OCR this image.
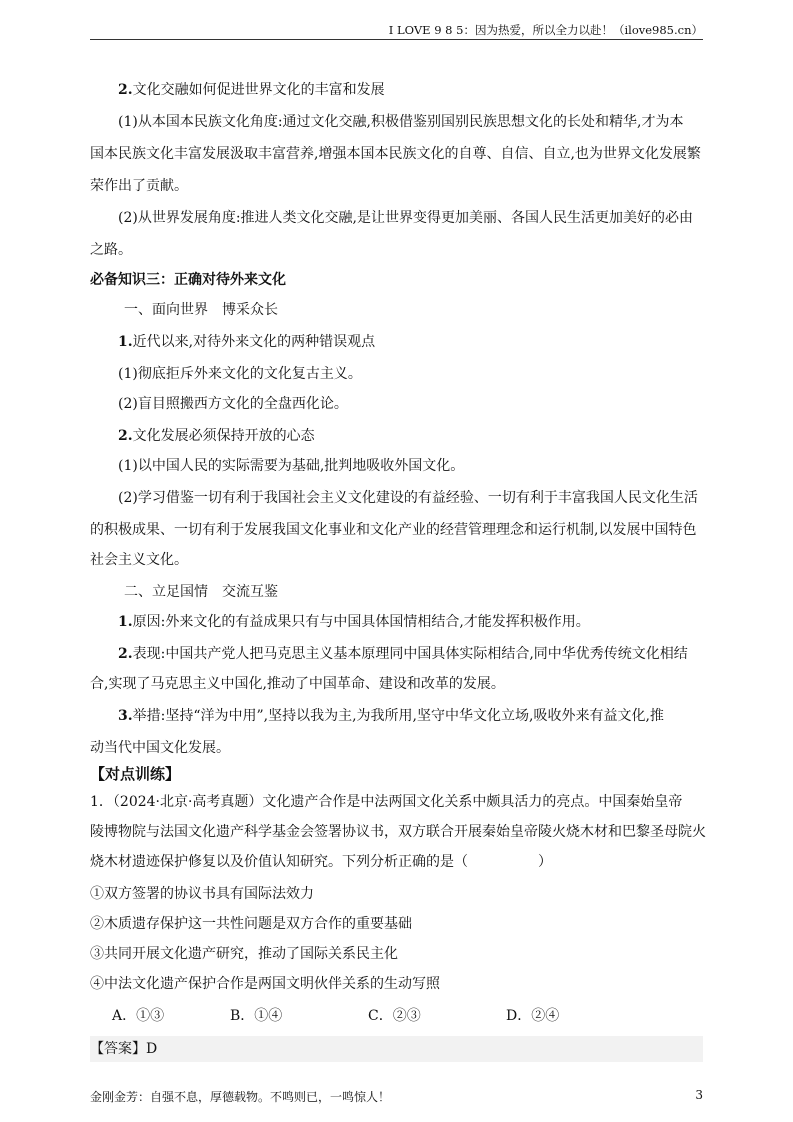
I LOVE 9 8 5：因为热爱，所以全力以赴！（ilove985.cn）
2.文化交融如何促进世界文化的丰富和发展
(1)从本国本民族文化角度:通过文化交融,积极借鉴别国别民族思想文化的长处和精华,才为本
国本民族文化丰富发展汲取丰富营养,增强本国本民族文化的自尊、自信、自立,也为世界文化发展繁
荣作出了贡献。
(2)从世界发展角度:推进人类文化交融,是让世界变得更加美丽、各国人民生活更加美好的必由
之路。
必备知识三：正确对待外来文化
一、面向世界　博采众长
1.近代以来,对待外来文化的两种错误观点
(1)彻底拒斥外来文化的文化复古主义。
(2)盲目照搬西方文化的全盘西化论。
2.文化发展必须保持开放的心态
(1)以中国人民的实际需要为基础,批判地吸收外国文化。
(2)学习借鉴一切有利于我国社会主义文化建设的有益经验、一切有利于丰富我国人民文化生活
的积极成果、一切有利于发展我国文化事业和文化产业的经营管理理念和运行机制,以发展中国特色
社会主义文化。
二、立足国情　交流互鉴
1.原因:外来文化的有益成果只有与中国具体国情相结合,才能发挥积极作用。
2.表现:中国共产党人把马克思主义基本原理同中国具体实际相结合,同中华优秀传统文化相结
合,实现了马克思主义中国化,推动了中国革命、建设和改革的发展。
3.举措:坚持“洋为中用”,坚持以我为主,为我所用,坚守中华文化立场,吸收外来有益文化,推
动当代中国文化发展。
【对点训练】
1．（2024·北京·高考真题）文化遗产合作是中法两国文化关系中颇具活力的亮点。中国秦始皇帝
陵博物院与法国文化遗产科学基金会签署协议书，双方联合开展秦始皇帝陵火烧木材和巴黎圣母院火
烧木材遗迹保护修复以及价值认知研究。下列分析正确的是（　　　　　）
①双方签署的协议书具有国际法效力
②木质遗存保护这一共性问题是双方合作的重要基础
③共同开展文化遗产研究，推动了国际关系民主化
④中法文化遗产保护合作是两国文明伙伴关系的生动写照
A．①③	B．①④	C．②③	D．②④
【答案】D
金刚金芳：自强不息，厚德载物。不鸣则已，一鸣惊人！	3
